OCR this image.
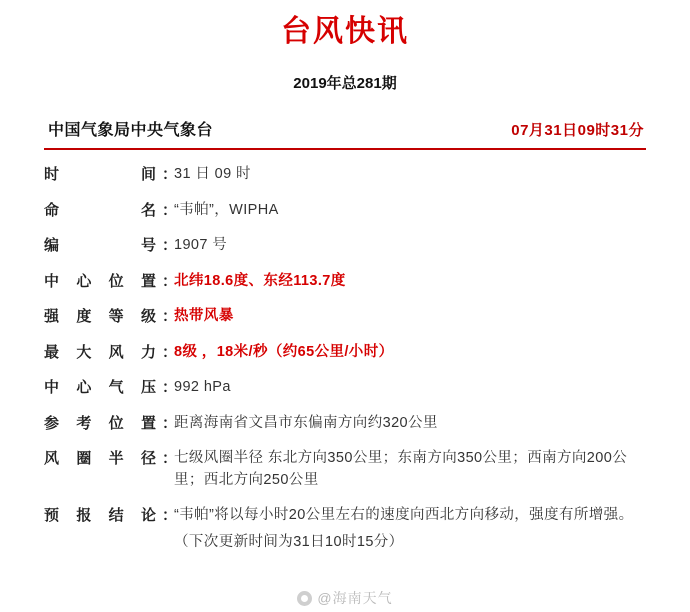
台风快讯
2019年总281期
中国气象局中央气象台	07月31日09时31分
时间 ：
31 日 09 时
命名 ：
“韦帕”，WIPHA
编号 ：
1907 号
中心位置 ：
北纬18.6度、东经113.7度
强度等级 ：
热带风暴
最大风力 ：
8级 ，18米/秒（约65公里/小时）
中心气压 ：
992 hPa
参考位置 ：
距离海南省文昌市东偏南方向约320公里
风圈半径 ：
七级风圈半径 东北方向350公里；东南方向350公里；西南方向200公里；西北方向250公里
预报结论 ：
“韦帕”将以每小时20公里左右的速度向西北方向移动，强度有所增强。
（下次更新时间为31日10时15分）
@海南天气
